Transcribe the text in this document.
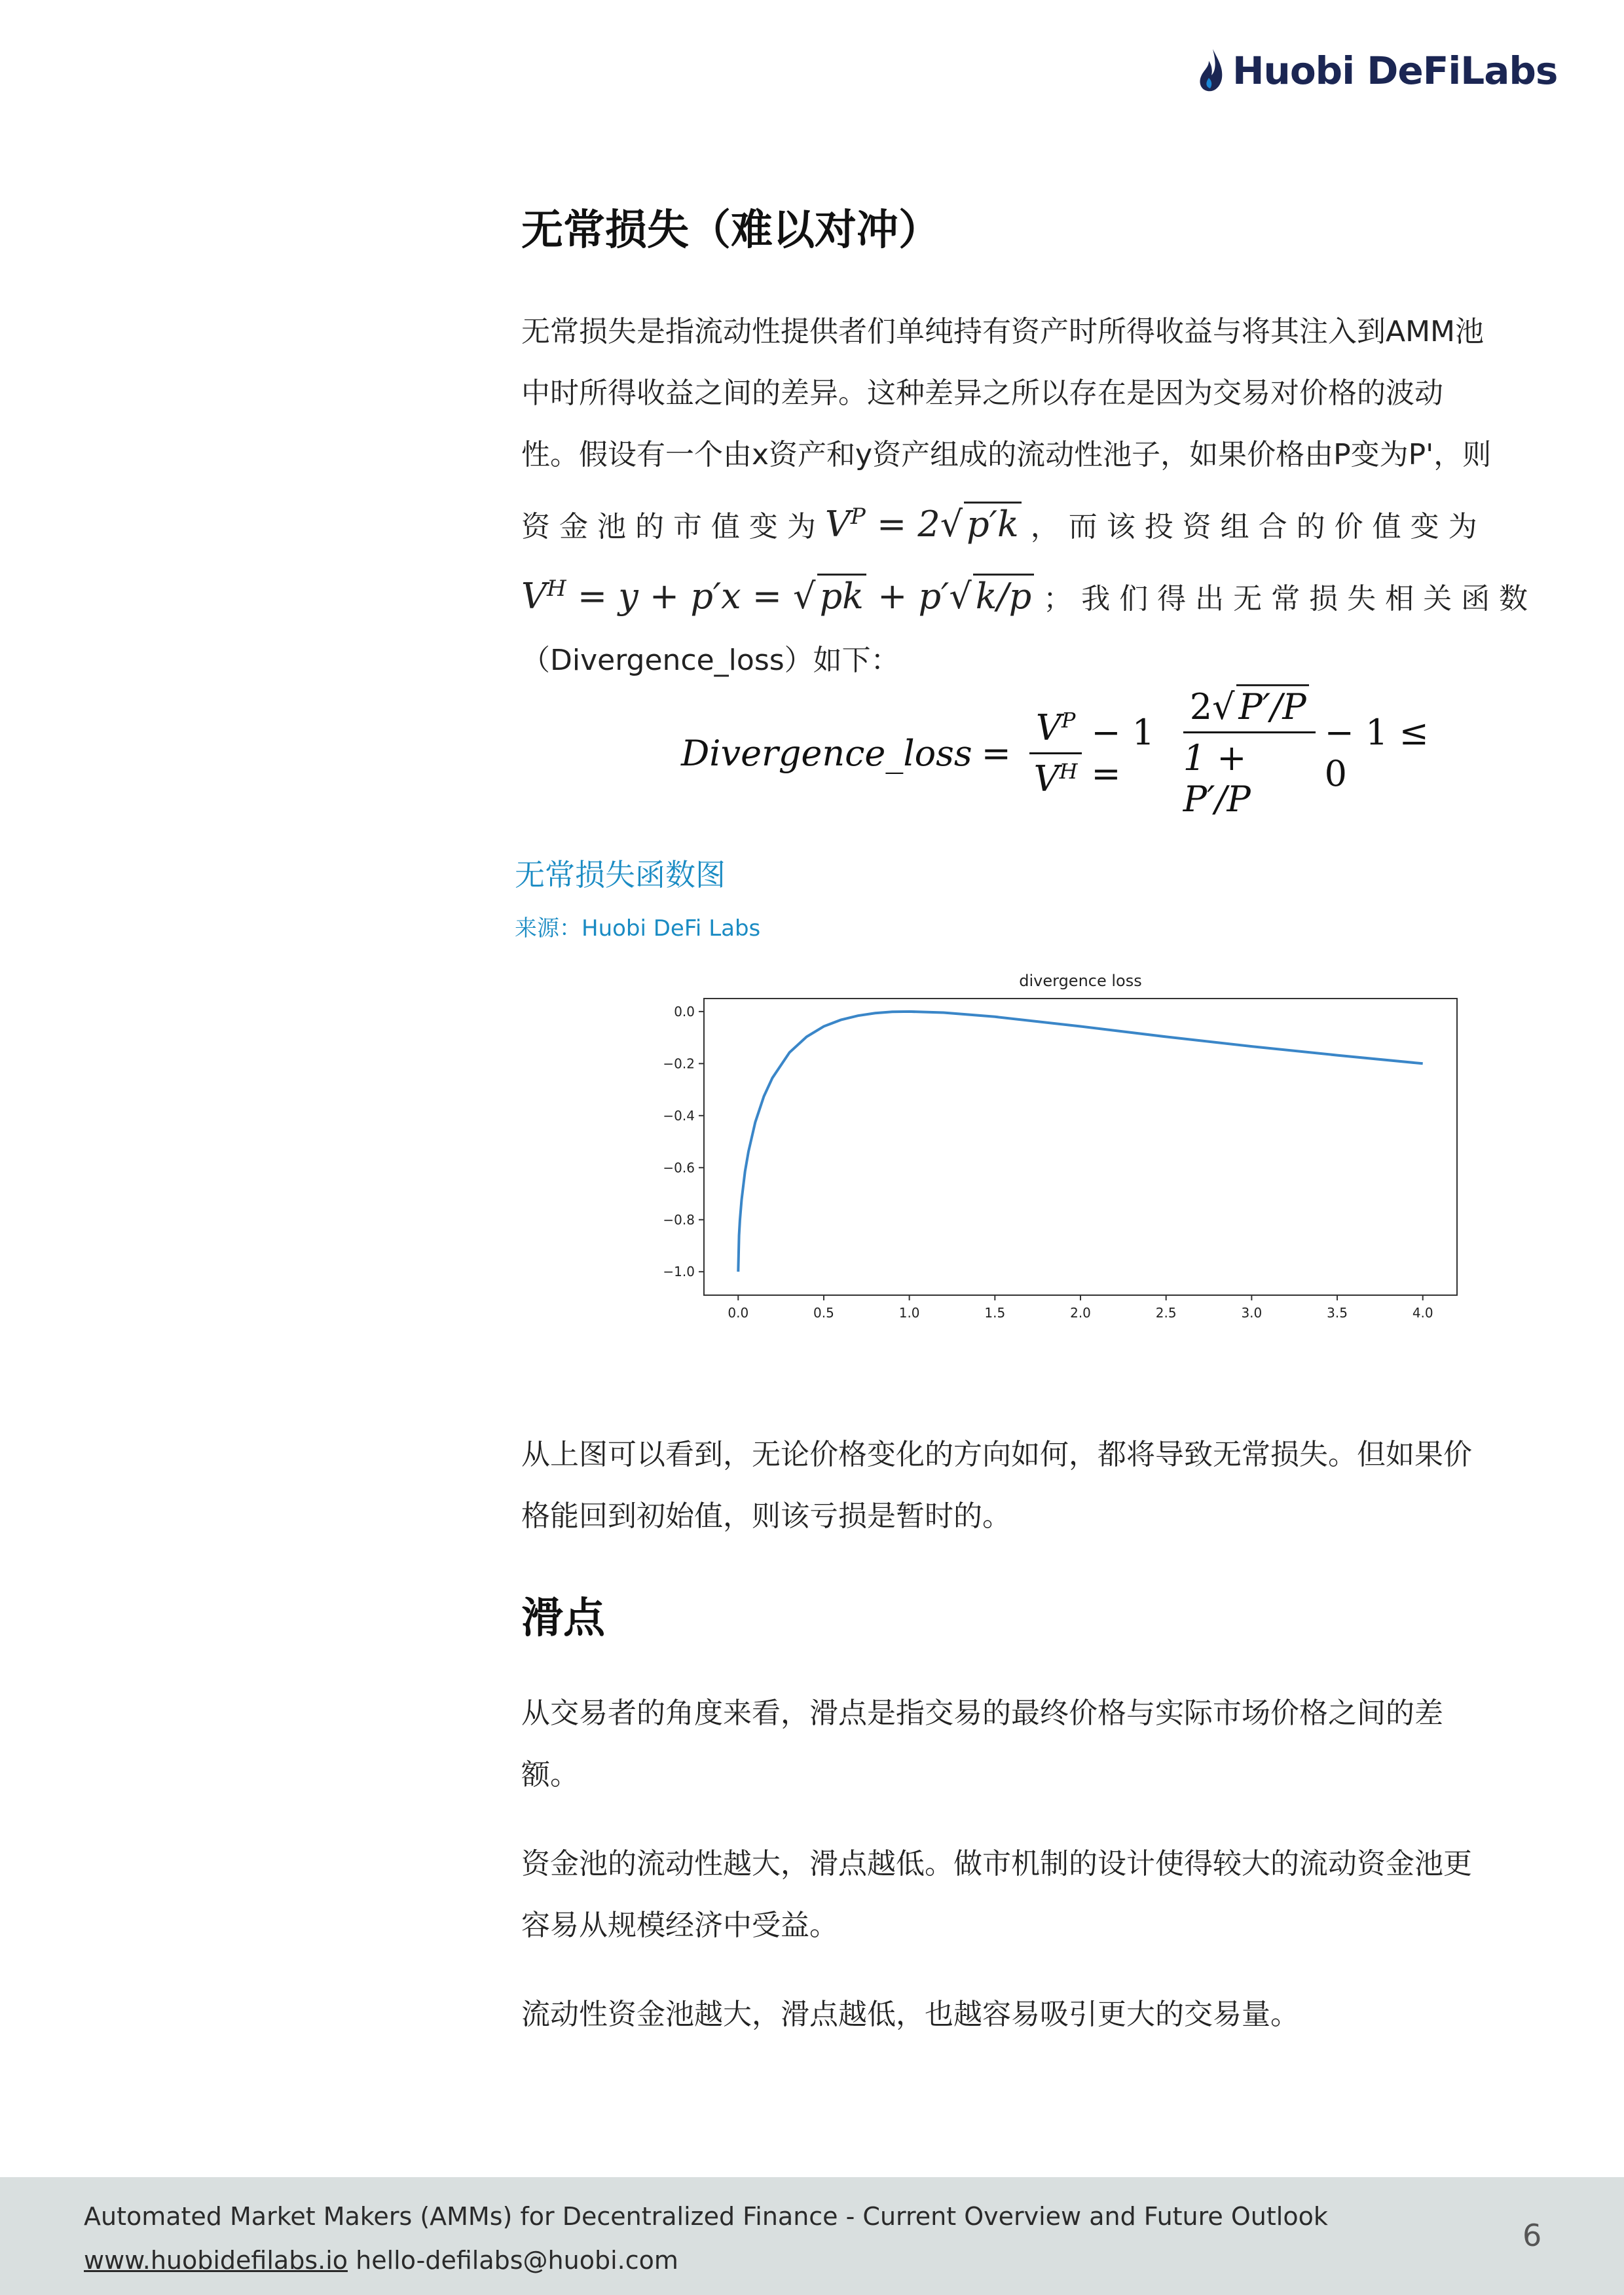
Huobi DeFiLabs
无常损失（难以对冲）

无常损失是指流动性提供者们单纯持有资产时所得收益与将其注入到AMM池

中时所得收益之间的差异。这种差异之所以存在是因为交易对价格的波动

性。假设有一个由x资产和y资产组成的流动性池子，如果价格由P变为P'，则

资 金 池 的 市 值 变 为 $V^P = 2√$ p′k ， 而 该 投 资 组 合 的 价 值 变 为

$V^H = y + p'x$ = √ pk + p′√ k/p ； 我 们 得 出 无 常 损 失 相 关 函 数

（Divergence_loss）如下：

Divergence_loss = $\frac{V^P}{V^H} - 1$ =	$\frac{2√ P'/P}{1 + P'/P} - 1 \le 0$
无常损失函数图
来源：Huobi DeFi Labs
divergence loss
0.0	0.5	1.0	1.5	2.0	2.5	3.0	3.5	4.0
0.0
−0.2
−0.4
−0.6
−0.8
−1.0

从上图可以看到，无论价格变化的方向如何，都将导致无常损失。但如果价

格能回到初始值，则该亏损是暂时的。

滑点

从交易者的角度来看，滑点是指交易的最终价格与实际市场价格之间的差

额。

资金池的流动性越大，滑点越低。做市机制的设计使得较大的流动资金池更

容易从规模经济中受益。

流动性资金池越大，滑点越低，也越容易吸引更大的交易量。

Automated Market Makers (AMMs) for Decentralized Finance - Current Overview and Future Outlook
www.huobidefilabs.io hello-defilabs@huobi.com
6
